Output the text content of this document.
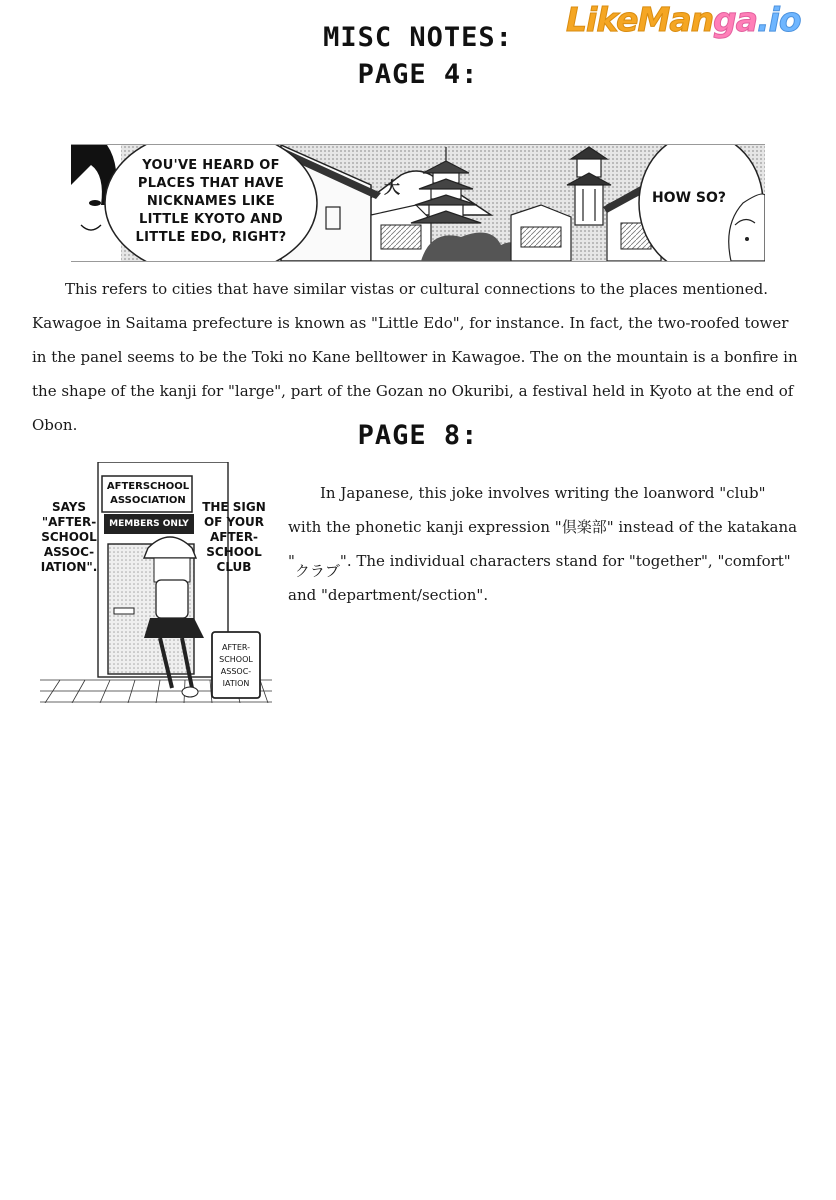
LikeManga.io
MISC NOTES:
PAGE 4:
YOU'VE HEARD OF PLACES THAT HAVE NICKNAMES LIKE LITTLE KYOTO AND LITTLE EDO, RIGHT?
HOW SO?
大
This refers to cities that have similar vistas or cultural connections to the places mentioned. Kawagoe in Saitama prefecture is known as "Little Edo", for instance. In fact, the two-roofed tower in the panel seems to be the Toki no Kane belltower in Kawagoe. The on the mountain is a bonfire in the shape of the kanji for "large", part of the Gozan no Okuribi, a festival held in Kyoto at the end of Obon.	PAGE 8:
AFTERSCHOOL ASSOCIATION
MEMBERS ONLY
SAYS "AFTER-SCHOOL ASSOC-IATION".
THE SIGN OF YOUR AFTER-SCHOOL CLUB
AFTER-SCHOOL ASSOC-IATION
In Japanese, this joke involves writing the loanword "club" with the phonetic kanji expression "倶楽部" instead of the katakana "クラブ". The individual characters stand for "together", "comfort" and "department/section".
